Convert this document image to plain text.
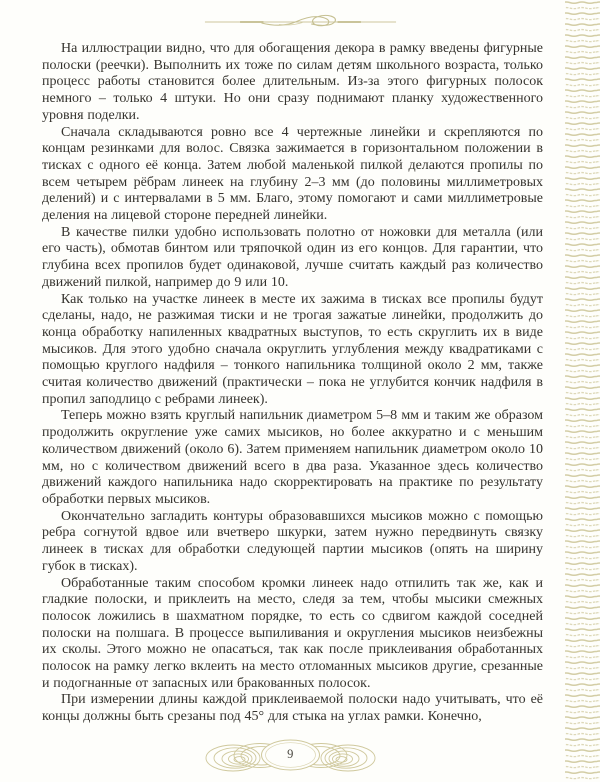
На иллюстрации видно, что для обогащения декора в рамку введены фигурные полоски (реечки). Выполнить их тоже по силам детям школьного возраста, только процесс работы становится более длительным. Из-за этого фигурных полосок немного – только 4 штуки. Но они сразу поднимают планку художественного уровня поделки.

Сначала складываются ровно все 4 чертежные линейки и скрепляются по концам резинками для волос. Связка зажимается в горизонтальном положении в тисках с одного её конца. Затем любой маленькой пилкой делаются пропилы по всем четырем рёбрам линеек на глубину 2–3 мм (до половины миллиметровых делений) и с интервалами в 5 мм. Благо, этому помогают и сами миллиметровые деления на лицевой стороне передней линейки.

В качестве пилки удобно использовать полотно от ножовки для металла (или его часть), обмотав бинтом или тряпочкой один из его концов. Для гарантии, что глубина всех пропилов будет одинаковой, лучше считать каждый раз количество движений пилкой, например до 9 или 10.

Как только на участке линеек в месте их зажима в тисках все пропилы будут сделаны, надо, не разжимая тиски и не трогая зажатые линейки, продолжить до конца обработку напиленных квадратных выступов, то есть скруглить их в виде мысиков. Для этого удобно сначала округлить углубления между квадратиками с помощью круглого надфиля – тонкого напильника толщиной около 2 мм, также считая количество движений (практически – пока не углубится кончик надфиля в пропил заподлицо с ребрами линеек).

Теперь можно взять круглый напильник диаметром 5–8 мм и таким же образом продолжить округление уже самих мысиков, но более аккуратно и с меньшим количеством движений (около 6). Затем применяем напильник диаметром около 10 мм, но с количеством движений всего в два раза. Указанное здесь количество движений каждого напильника надо скорректировать на практике по результату обработки первых мысиков.

Окончательно загладить контуры образовавшихся мысиков можно с помощью ребра согнутой вдвое или вчетверо шкурки, затем нужно передвинуть связку линеек в тисках для обработки следующей партии мысиков (опять на ширину губок в тисках).

Обработанные таким способом кромки линеек надо отпилить так же, как и гладкие полоски, и приклеить на место, следя за тем, чтобы мысики смежных полосок ложились в шахматном порядке, то есть со сдвигом каждой соседней полоски на полшага. В процессе выпиливания и округления мысиков неизбежны их сколы. Этого можно не опасаться, так как после приклеивания обработанных полосок на рамку легко вклеить на место отломанных мысиков другие, срезанные и подогнанные от запасных или бракованных полосок.

При измерении длины каждой приклеиваемой полоски надо учитывать, что её концы должны быть срезаны под 45° для стыка на углах рамки. Конечно,

9
